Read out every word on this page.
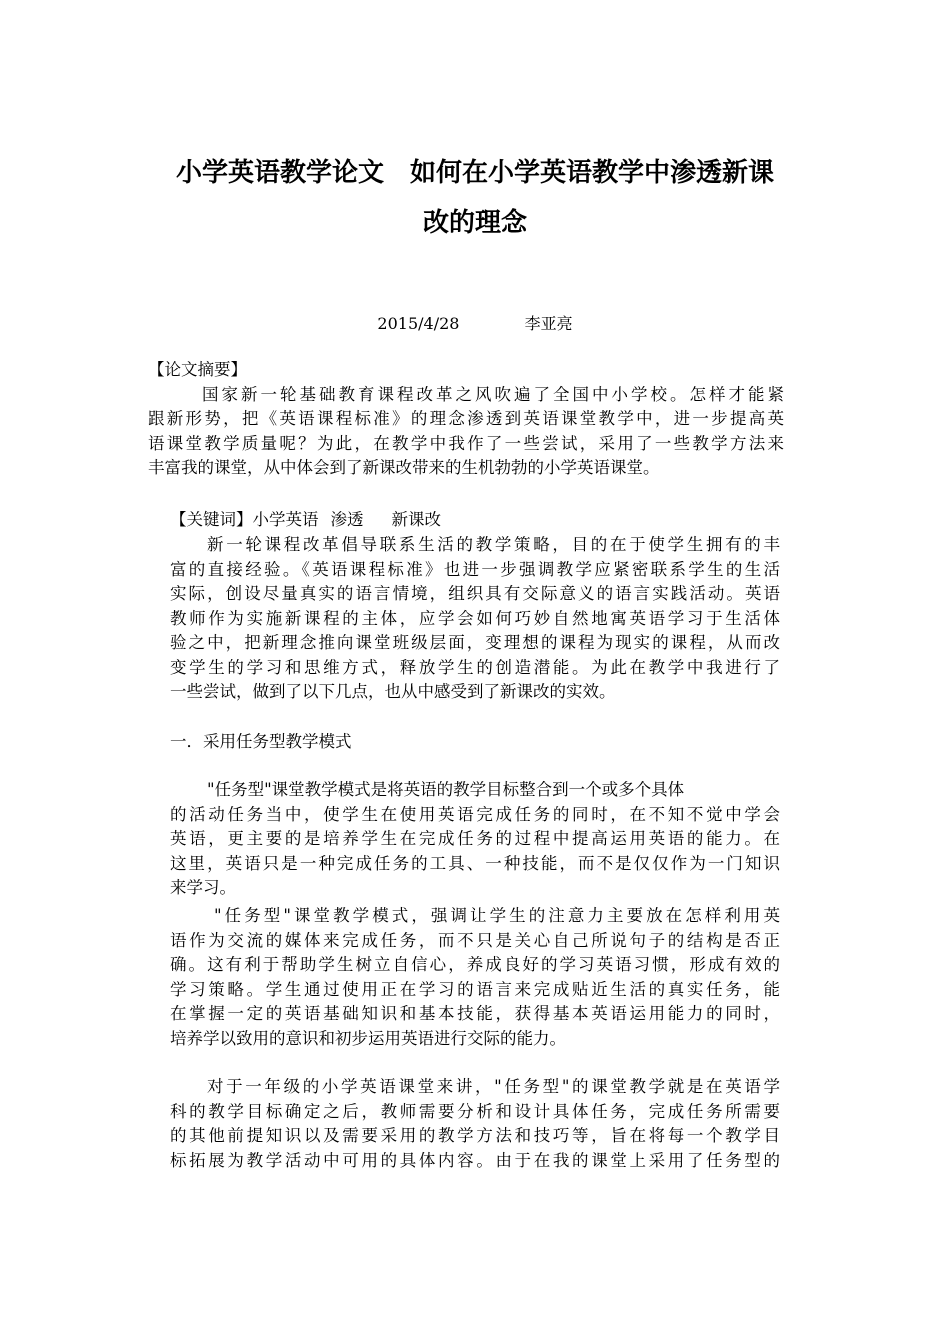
小学英语教学论文　如何在小学英语教学中渗透新课
改的理念
2015/4/28	李亚亮
【论文摘要】
国家新一轮基础教育课程改革之风吹遍了全国中小学校。怎样才能紧
跟新形势，把《英语课程标准》的理念渗透到英语课堂教学中，进一步提高英
语课堂教学质量呢？为此，在教学中我作了一些尝试，采用了一些教学方法来
丰富我的课堂，从中体会到了新课改带来的生机勃勃的小学英语课堂。
【关键词】小学英语 渗透 新课改
新一轮课程改革倡导联系生活的教学策略，目的在于使学生拥有的丰
富的直接经验。《英语课程标准》也进一步强调教学应紧密联系学生的生活
实际，创设尽量真实的语言情境，组织具有交际意义的语言实践活动。英语
教师作为实施新课程的主体，应学会如何巧妙自然地寓英语学习于生活体
验之中，把新理念推向课堂班级层面，变理想的课程为现实的课程，从而改
变学生的学习和思维方式，释放学生的创造潜能。为此在教学中我进行了
一些尝试，做到了以下几点，也从中感受到了新课改的实效。
一．采用任务型教学模式
"任务型"课堂教学模式是将英语的教学目标整合到一个或多个具体
的活动任务当中，使学生在使用英语完成任务的同时，在不知不觉中学会
英语，更主要的是培养学生在完成任务的过程中提高运用英语的能力。在
这里，英语只是一种完成任务的工具、一种技能，而不是仅仅作为一门知识
来学习。
"任务型"课堂教学模式，强调让学生的注意力主要放在怎样利用英
语作为交流的媒体来完成任务，而不只是关心自己所说句子的结构是否正
确。这有利于帮助学生树立自信心，养成良好的学习英语习惯，形成有效的
学习策略。学生通过使用正在学习的语言来完成贴近生活的真实任务，能
在掌握一定的英语基础知识和基本技能，获得基本英语运用能力的同时，
培养学以致用的意识和初步运用英语进行交际的能力。
对于一年级的小学英语课堂来讲，"任务型"的课堂教学就是在英语学
科的教学目标确定之后，教师需要分析和设计具体任务，完成任务所需要
的其他前提知识以及需要采用的教学方法和技巧等，旨在将每一个教学目
标拓展为教学活动中可用的具体内容。由于在我的课堂上采用了任务型的
